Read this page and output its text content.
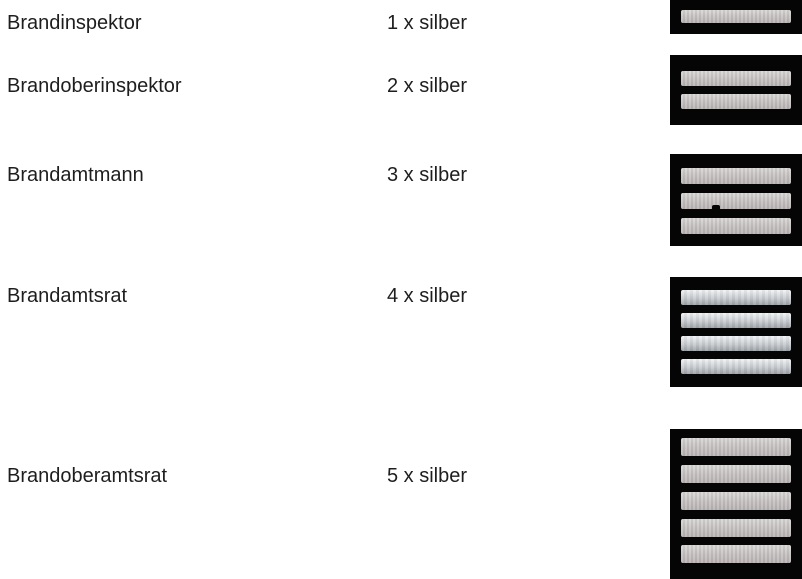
Brandinspektor	1 x silber
Brandoberinspektor	2 x silber
Brandamtmann	3 x silber
Brandamtsrat	4 x silber
Brandoberamtsrat	5 x silber
